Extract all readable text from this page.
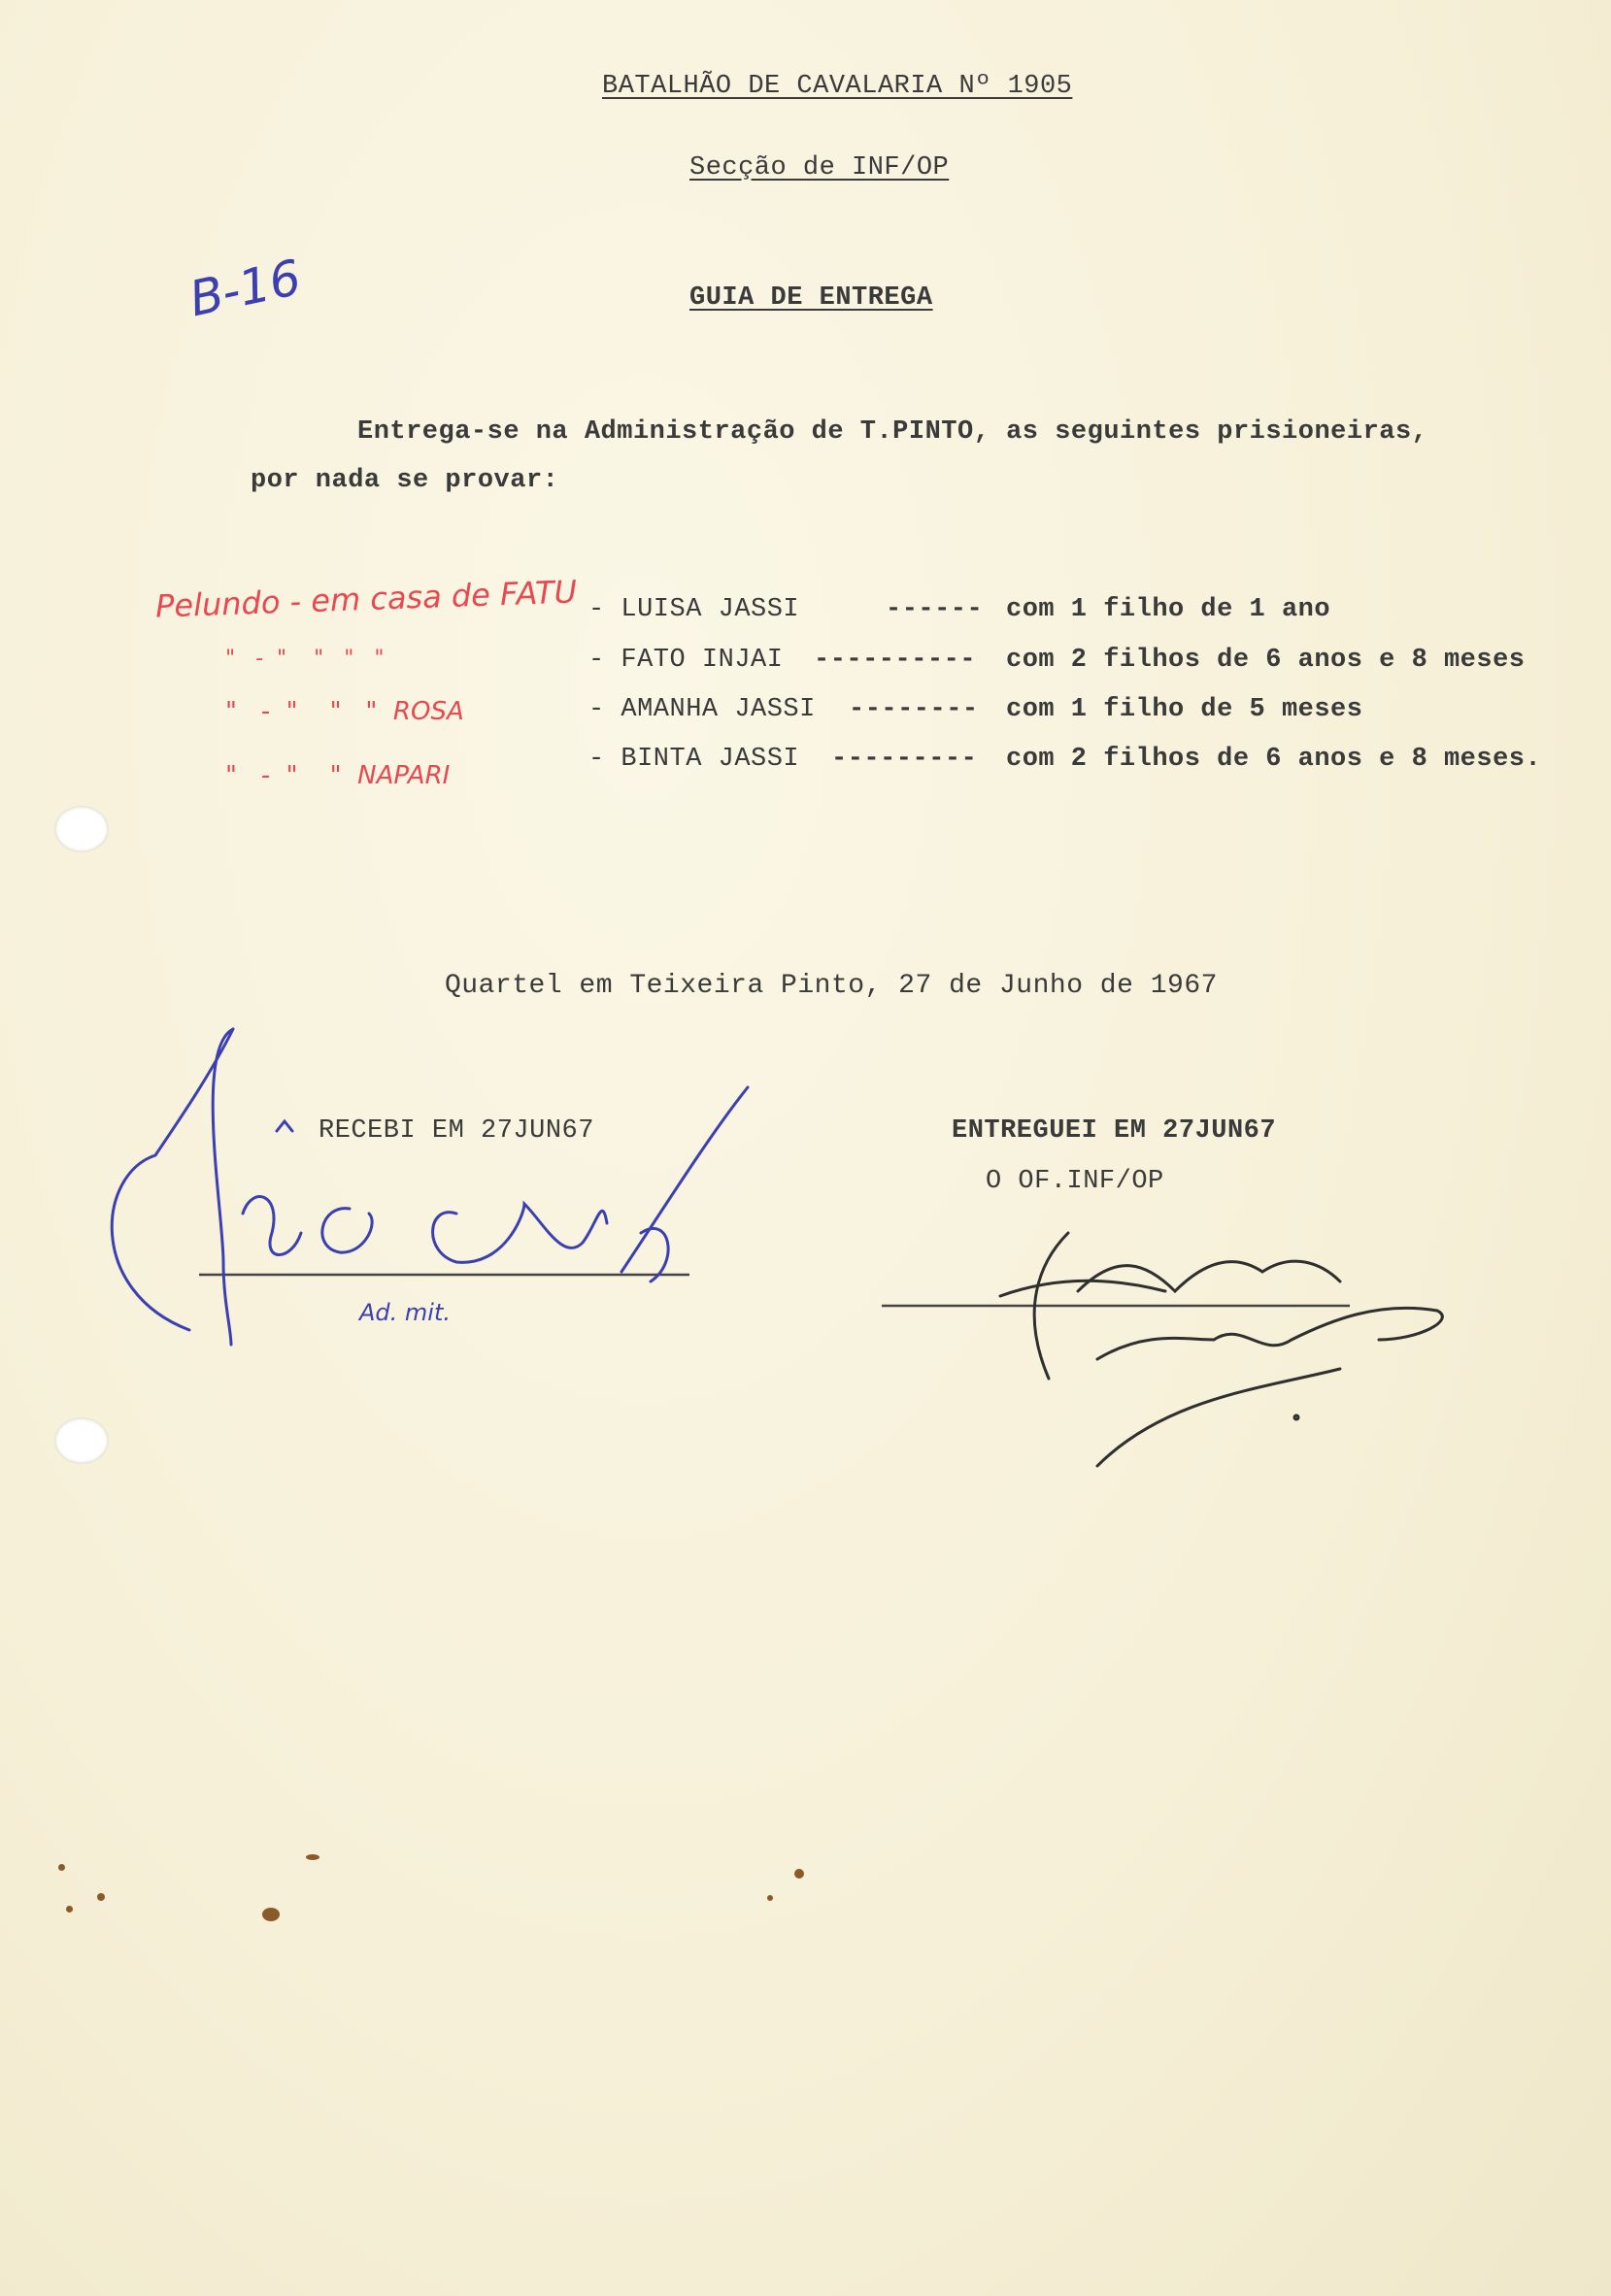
BATALHÃO DE CAVALARIA Nº 1905
Secção de INF/OP
GUIA DE ENTREGA
B-16
Entrega-se na Administração de T.PINTO, as seguintes prisioneiras,
por nada se provar:
Pelundo - em casa de FATU
"   -  "    "   "   "
"   -  "    "   "  ROSA
"   -  "    "  NAPARI
- LUISA JASSI	------ com 1 filho de 1 ano
- FATO INJAI ---------- com 2 filhos de 6 anos e 8 meses
- AMANHA JASSI -------- com 1 filho de 5 meses
- BINTA JASSI --------- com 2 filhos de 6 anos e 8 meses.
Quartel em Teixeira Pinto, 27 de Junho de 1967
RECEBI EM 27JUN67	ENTREGUEI EM 27JUN67
O OF.INF/OP
Ad. mit.
